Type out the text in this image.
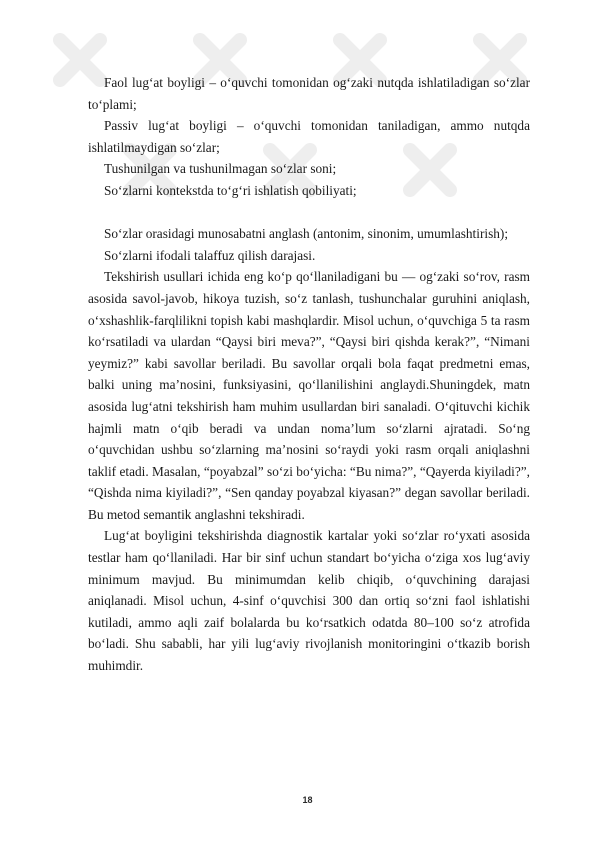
Faol lug‘at boyligi – o‘quvchi tomonidan og‘zaki nutqda ishlatiladigan so‘zlar to‘plami;

Passiv lug‘at boyligi – o‘quvchi tomonidan taniladigan, ammo nutqda ishlatilmaydigan so‘zlar;

Tushunilgan va tushunilmagan so‘zlar soni;

So‘zlarni kontekstda to‘g‘ri ishlatish qobiliyati;

So‘zlar orasidagi munosabatni anglash (antonim, sinonim, umumlashtirish);

So‘zlarni ifodali talaffuz qilish darajasi.

Tekshirish usullari ichida eng ko‘p qo‘llaniladigani bu — og‘zaki so‘rov, rasm asosida savol-javob, hikoya tuzish, so‘z tanlash, tushunchalar guruhini aniqlash, o‘xshashlik-farqlilikni topish kabi mashqlardir. Misol uchun, o‘quvchiga 5 ta rasm ko‘rsatiladi va ulardan “Qaysi biri meva?”, “Qaysi biri qishda kerak?”, “Nimani yeymiz?” kabi savollar beriladi. Bu savollar orqali bola faqat predmetni emas, balki uning ma’nosini, funksiyasini, qo‘llanilishini anglaydi.Shuningdek, matn asosida lug‘atni tekshirish ham muhim usullardan biri sanaladi. O‘qituvchi kichik hajmli matn o‘qib beradi va undan noma’lum so‘zlarni ajratadi. So‘ng o‘quvchidan ushbu so‘zlarning ma’nosini so‘raydi yoki rasm orqali aniqlashni taklif etadi. Masalan, “poyabzal” so‘zi bo‘yicha: “Bu nima?”, “Qayerda kiyiladi?”, “Qishda nima kiyiladi?”, “Sen qanday poyabzal kiyasan?” degan savollar beriladi. Bu metod semantik anglashni tekshiradi.

Lug‘at boyligini tekshirishda diagnostik kartalar yoki so‘zlar ro‘yxati asosida testlar ham qo‘llaniladi. Har bir sinf uchun standart bo‘yicha o‘ziga xos lug‘aviy minimum mavjud. Bu minimumdan kelib chiqib, o‘quvchining darajasi aniqlanadi. Misol uchun, 4-sinf o‘quvchisi 300 dan ortiq so‘zni faol ishlatishi kutiladi, ammo aqli zaif bolalarda bu ko‘rsatkich odatda 80–100 so‘z atrofida bo‘ladi. Shu sababli, har yili lug‘aviy rivojlanish monitoringini o‘tkazib borish muhimdir.

18
